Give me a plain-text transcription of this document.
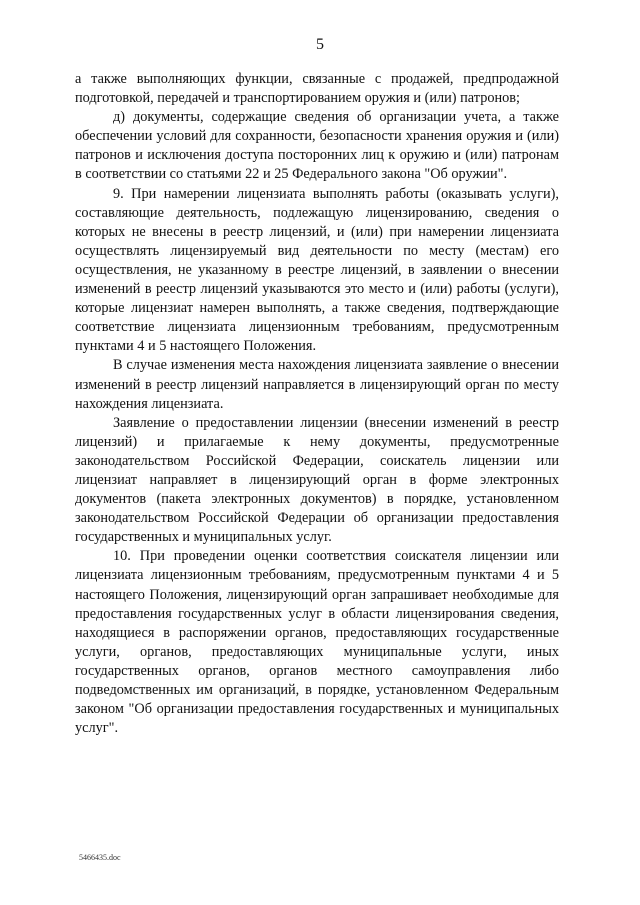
5

а также выполняющих функции, связанные с продажей, предпродажной подготовкой, передачей и транспортированием оружия и (или) патронов;

д) документы, содержащие сведения об организации учета, а также обеспечении условий для сохранности, безопасности хранения оружия и (или) патронов и исключения доступа посторонних лиц к оружию и (или) патронам в соответствии со статьями 22 и 25 Федерального закона "Об оружии".

9. При намерении лицензиата выполнять работы (оказывать услуги), составляющие деятельность, подлежащую лицензированию, сведения о которых не внесены в реестр лицензий, и (или) при намерении лицензиата осуществлять лицензируемый вид деятельности по месту (местам) его осуществления, не указанному в реестре лицензий, в заявлении о внесении изменений в реестр лицензий указываются это место и (или) работы (услуги), которые лицензиат намерен выполнять, а также сведения, подтверждающие соответствие лицензиата лицензионным требованиям, предусмотренным пунктами 4 и 5 настоящего Положения.

В случае изменения места нахождения лицензиата заявление о внесении изменений в реестр лицензий направляется в лицензирующий орган по месту нахождения лицензиата.

Заявление о предоставлении лицензии (внесении изменений в реестр лицензий) и прилагаемые к нему документы, предусмотренные законодательством Российской Федерации, соискатель лицензии или лицензиат направляет в лицензирующий орган в форме электронных документов (пакета электронных документов) в порядке, установленном законодательством Российской Федерации об организации предоставления государственных и муниципальных услуг.

10. При проведении оценки соответствия соискателя лицензии или лицензиата лицензионным требованиям, предусмотренным пунктами 4 и 5 настоящего Положения, лицензирующий орган запрашивает необходимые для предоставления государственных услуг в области лицензирования сведения, находящиеся в распоряжении органов, предоставляющих государственные услуги, органов, предоставляющих муниципальные услуги, иных государственных органов, органов местного самоуправления либо подведомственных им организаций, в порядке, установленном Федеральным законом "Об организации предоставления государственных и муниципальных услуг".

5466435.doc
